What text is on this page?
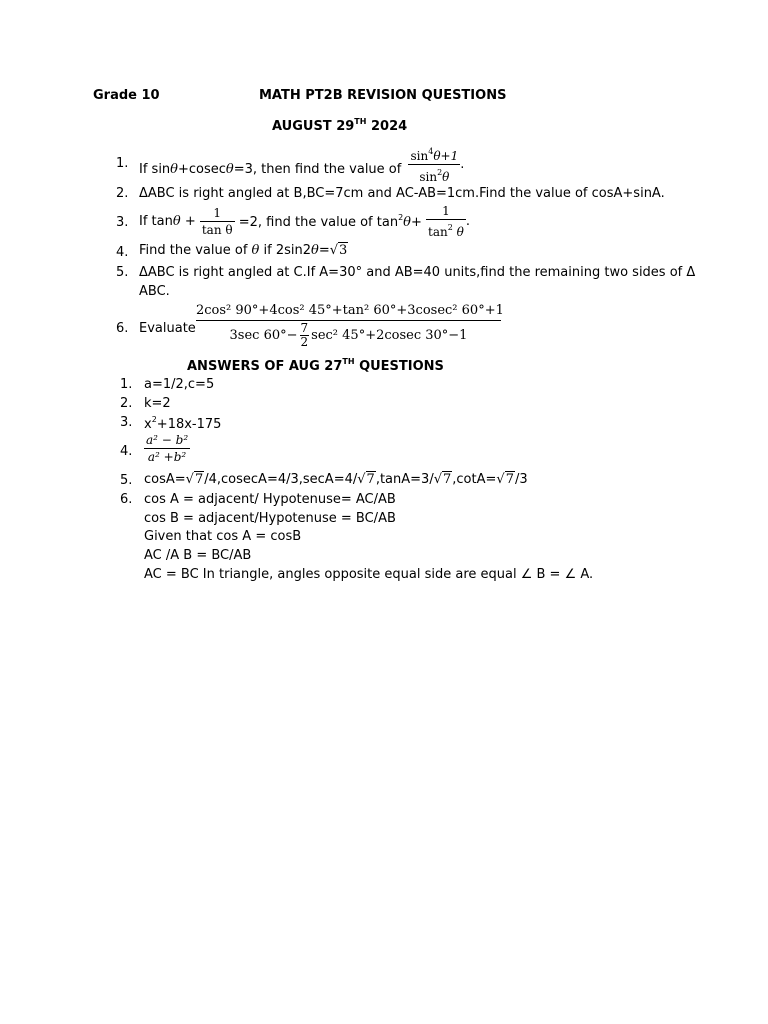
Grade 10	MATH PT2B REVISION QUESTIONS
AUGUST 29TH 2024
1. If sinθ+cosecθ=3, then find the value of $\frac{\sin^4\theta+1}{\sin^2\theta}$ .
2. ΔABC is right angled at B,BC=7cm and AC-AB=1cm.Find the value of cosA+sinA.
3. If $\tan\theta + \frac{1}{\text{tan θ}} =2$, find the value of $\tan^2\theta+ \frac{1}{\tan^2 \theta}$ .
4. Find the value of θ if 2sin2θ=√3
5. ΔABC is right angled at C.If A=30° and AB=40 units,find the remaining two sides of Δ
ABC.
6. Evaluate
2cos² 90°+4cos² 45°+tan² 60°+3cosec² 60°+1
3sec $60^\circ- \frac{7}{2} \sec^2$ 45°+2cosec 30°−1
ANSWERS OF AUG 27TH QUESTIONS
1. a=1/2,c=5
2. k=2
3. $x^2+18x-175$
4. $\frac{\text{a² − b²}}{\text{a² +b²}}$
5. cosA=√7/4,cosecA=4/3,secA=4/√7,tanA=3/√7,cotA=√7/3
6. cos A = adjacent/ Hypotenuse= AC/AB
cos B = adjacent/Hypotenuse = BC/AB
Given that cos A = cosB
AC /A B = BC/AB
AC = BC In triangle, angles opposite equal side are equal ∠ B = ∠ A.
